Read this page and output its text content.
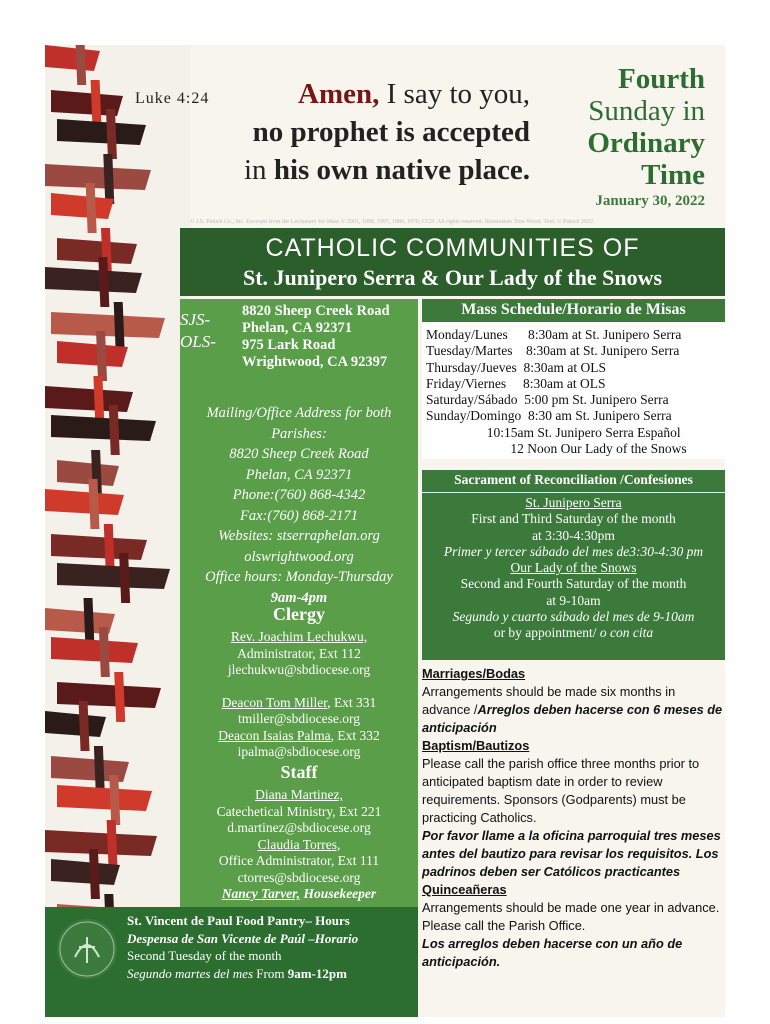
Luke 4:24	Amen, I say to you,
no prophet is accepted
in his own native place.
Fourth
Sunday in
Ordinary
Time
January 30, 2022
© J.S. Paluch Co., Inc. Excerpts from the Lectionary for Mass © 2001, 1998, 1997, 1986, 1970, CCD. All rights reserved. Illustration: Tom Wood. Text: © Paluch 2022
CATHOLIC COMMUNITIES OF
St. Junipero Serra & Our Lady of the Snows
SJS-
OLS-
8820 Sheep Creek Road
Phelan, CA 92371
975 Lark Road
Wrightwood, CA 92397
Mailing/Office Address for both
Parishes:
8820 Sheep Creek Road
Phelan, CA 92371
Phone:(760) 868-4342
Fax:(760) 868-2171
Websites: stserraphelan.org
olswrightwood.org
Office hours: Monday-Thursday
9am-4pm
Clergy
Rev. Joachim Lechukwu,
Administrator, Ext 112
jlechukwu@sbdiocese.org
Deacon Tom Miller, Ext 331
tmiller@sbdiocese.org
Deacon Isaias Palma, Ext 332
ipalma@sbdiocese.org
Staff
Diana Martinez,
Catechetical Ministry, Ext 221
d.martinez@sbdiocese.org
Claudia Torres,
Office Administrator, Ext 111
ctorres@sbdiocese.org
Nancy Tarver, Housekeeper
St. Vincent de Paul Food Pantry– Hours
Despensa de San Vicente de Paúl –Horario
Second Tuesday of the month
Segundo martes del mes From 9am-12pm
Mass Schedule/Horario de Misas
Monday/Lunes      8:30am at St. Junipero Serra
Tuesday/Martes    8:30am at St. Junipero Serra
Thursday/Jueves  8:30am at OLS
Friday/Viernes     8:30am at OLS
Saturday/Sábado  5:00 pm St. Junipero Serra
Sunday/Domingo  8:30 am St. Junipero Serra
10:15am St. Junipero Serra Español
12 Noon Our Lady of the Snows
Sacrament of Reconciliation /Confesiones
St. Junipero Serra
First and Third Saturday of the month
at 3:30-4:30pm
Primer y tercer sábado del mes de3:30-4:30 pm
Our Lady of the Snows
Second and Fourth Saturday of the month
at 9-10am
Segundo y cuarto sábado del mes de 9-10am
or by appointment/ o con cita
Marriages/Bodas
Arrangements should be made six months in advance /Arreglos deben hacerse con 6 meses de anticipación
Baptism/Bautizos
Please call the parish office three months prior to anticipated baptism date in order to review requirements. Sponsors (Godparents) must be practicing Catholics.
Por favor llame a la oficina parroquial tres meses antes del bautizo para revisar los requisitos. Los padrinos deben ser Católicos practicantes
Quinceañeras
Arrangements should be made one year in advance. Please call the Parish Office.
Los arreglos deben hacerse con un año de anticipación.
